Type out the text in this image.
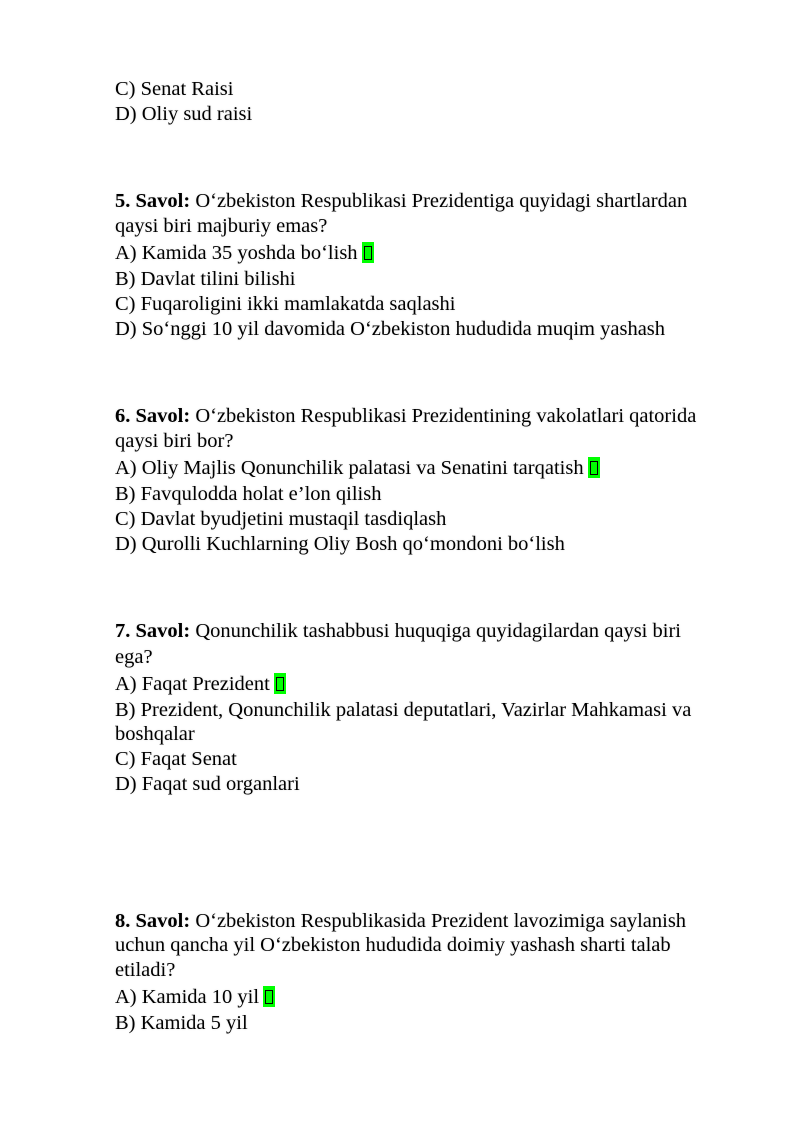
C) Senat Raisi
D) Oliy sud raisi
5. Savol: O‘zbekiston Respublikasi Prezidentiga quyidagi shartlardan
qaysi biri majburiy emas?
A) Kamida 35 yoshda bo‘lish
B) Davlat tilini bilishi
C) Fuqaroligini ikki mamlakatda saqlashi
D) So‘nggi 10 yil davomida O‘zbekiston hududida muqim yashash
6. Savol: O‘zbekiston Respublikasi Prezidentining vakolatlari qatorida
qaysi biri bor?
A) Oliy Majlis Qonunchilik palatasi va Senatini tarqatish
B) Favqulodda holat e’lon qilish
C) Davlat byudjetini mustaqil tasdiqlash
D) Qurolli Kuchlarning Oliy Bosh qo‘mondoni bo‘lish
7. Savol: Qonunchilik tashabbusi huquqiga quyidagilardan qaysi biri
ega?
A) Faqat Prezident
B) Prezident, Qonunchilik palatasi deputatlari, Vazirlar Mahkamasi va
boshqalar
C) Faqat Senat
D) Faqat sud organlari
8. Savol: O‘zbekiston Respublikasida Prezident lavozimiga saylanish
uchun qancha yil O‘zbekiston hududida doimiy yashash sharti talab
etiladi?
A) Kamida 10 yil
B) Kamida 5 yil
